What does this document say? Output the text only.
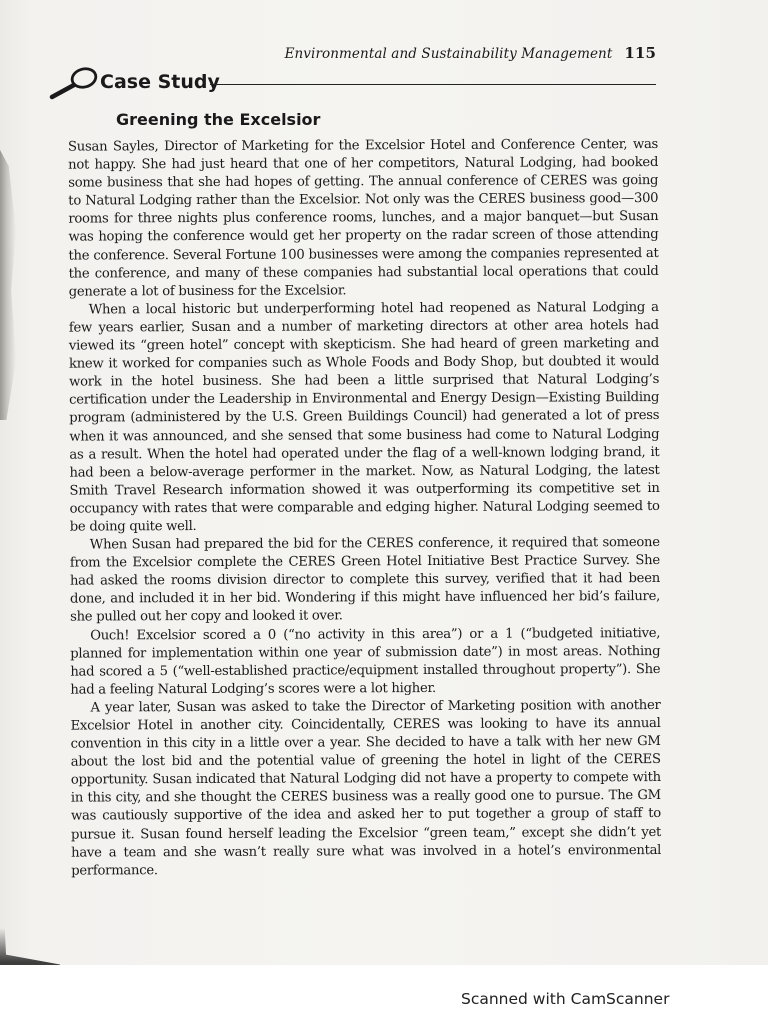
Environmental and Sustainability Management 115
Case Study
Greening the Excelsior

Susan Sayles, Director of Marketing for the Excelsior Hotel and Conference Center, was not happy. She had just heard that one of her competitors, Natural Lodging, had booked some business that she had hopes of getting. The annual conference of CERES was going to Natural Lodging rather than the Excelsior. Not only was the CERES business good—300 rooms for three nights plus conference rooms, lunches, and a major banquet—but Susan was hoping the conference would get her property on the radar screen of those attending the conference. Several Fortune 100 businesses were among the companies represented at the conference, and many of these companies had substantial local operations that could generate a lot of business for the Excelsior.

When a local historic but underperforming hotel had reopened as Natural Lodging a few years earlier, Susan and a number of marketing directors at other area hotels had viewed its “green hotel” concept with skepticism. She had heard of green marketing and knew it worked for companies such as Whole Foods and Body Shop, but doubted it would work in the hotel business. She had been a little surprised that Natural Lodging’s certification under the Leadership in Environmental and Energy Design—Existing Building program (administered by the U.S. Green Buildings Council) had generated a lot of press when it was announced, and she sensed that some business had come to Natural Lodging as a result. When the hotel had operated under the flag of a well-known lodging brand, it had been a below-average performer in the market. Now, as Natural Lodging, the latest Smith Travel Research information showed it was outperforming its competitive set in occupancy with rates that were comparable and edging higher. Natural Lodging seemed to be doing quite well.

When Susan had prepared the bid for the CERES conference, it required that someone from the Excelsior complete the CERES Green Hotel Initiative Best Practice Survey. She had asked the rooms division director to complete this survey, verified that it had been done, and included it in her bid. Wondering if this might have influenced her bid’s failure, she pulled out her copy and looked it over.

Ouch! Excelsior scored a 0 (“no activity in this area”) or a 1 (“budgeted initiative, planned for implementation within one year of submission date”) in most areas. Nothing had scored a 5 (“well-established practice/equipment installed throughout property”). She had a feeling Natural Lodging’s scores were a lot higher.

A year later, Susan was asked to take the Director of Marketing position with another Excelsior Hotel in another city. Coincidentally, CERES was looking to have its annual convention in this city in a little over a year. She decided to have a talk with her new GM about the lost bid and the potential value of greening the hotel in light of the CERES opportunity. Susan indicated that Natural Lodging did not have a property to compete with in this city, and she thought the CERES business was a really good one to pursue. The GM was cautiously supportive of the idea and asked her to put together a group of staff to pursue it. Susan found herself leading the Excelsior “green team,” except she didn’t yet have a team and she wasn’t really sure what was involved in a hotel’s environmental performance.

Scanned with CamScanner
